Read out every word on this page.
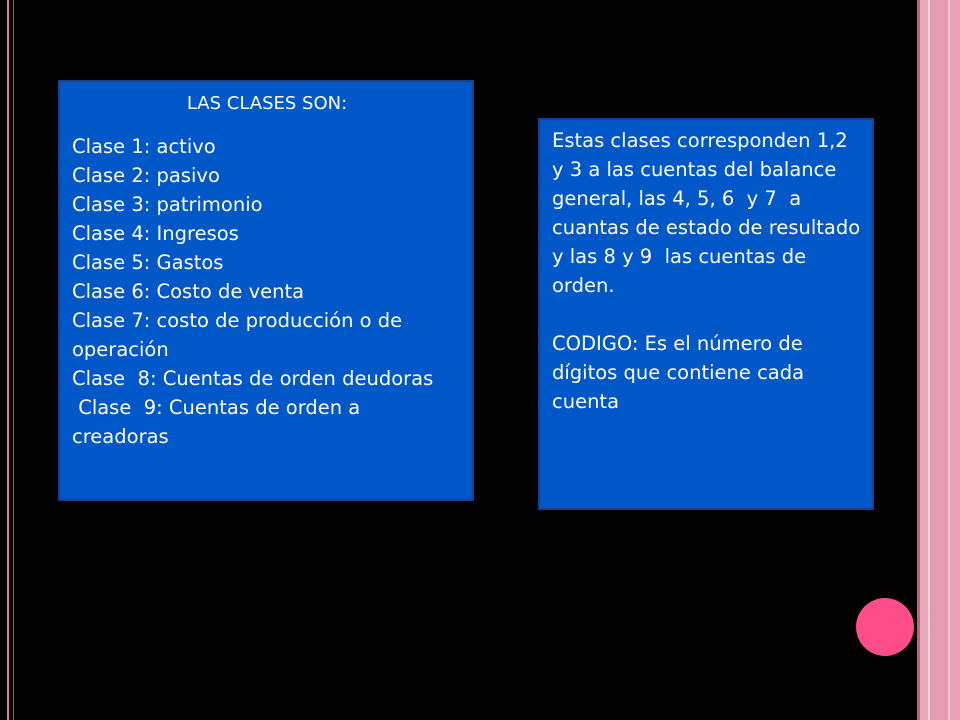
LAS CLASES SON:

Clase 1: activo

Clase 2: pasivo

Clase 3: patrimonio

Clase 4: Ingresos

Clase 5: Gastos

Clase 6: Costo de venta

Clase 7: costo de producción o de operación

Clase  8: Cuentas de orden deudoras

Clase  9: Cuentas de orden a creadoras

Estas clases corresponden 1,2 y 3 a las cuentas del balance general, las 4, 5, 6  y 7  a cuantas de estado de resultado y las 8 y 9  las cuentas de orden.

CODIGO: Es el número de dígitos que contiene cada cuenta
